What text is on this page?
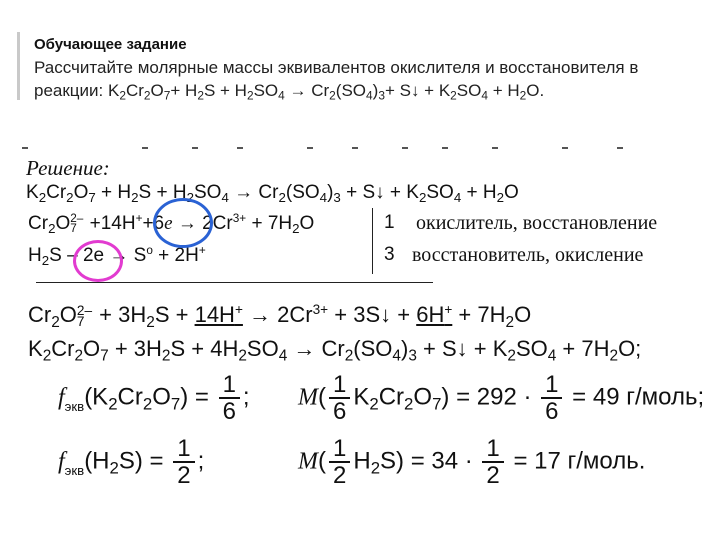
Обучающее задание
Рассчитайте молярные массы эквивалентов окислителя и восстановителя в реакции: $K_2Cr_2O_7+ H_2S + H_2SO_4 \to Cr_2(SO_4)_3+$ S↓ + $K_2SO_4 + H_2O$.
Решение:
$K_2Cr_2O_7 + H_2S + H_2SO_4 \to Cr_2(SO_4)_3$ + S↓ + $K_2SO_4 + H_2O$
$Cr_2O$ 2–
$7 +14H^++6e \to 2Cr^{3+} + 7H_2O$	1 окислитель, восстановление
$H_2S - 2e \to S^o + 2H^+$	3 восстановитель, окисление
$Cr_2O$ 2–
$7 + 3H_2S + 14H^+ \to 2Cr^{3+}$ + 3S↓ + $6H^+ + 7H_2O$
$K_2Cr_2O_7 + 3H_2S + 4H_2SO_4 \to Cr_2(SO_4)_3$ + S↓ + $K_2SO_4 + 7H_2O$;
$f_{экв}(K_2Cr_2O_7) = \frac{1}{6}$ ; $M( \frac{1}{6} K_2Cr_2O_7) = 292 \cdot \frac{1}{6} = 49$ г/моль;
$f_{экв}(H_2S) = \frac{1}{2}$ ;	$M( \frac{1}{2} H_2S) = 34 \cdot \frac{1}{2} = 17$ г/моль.
